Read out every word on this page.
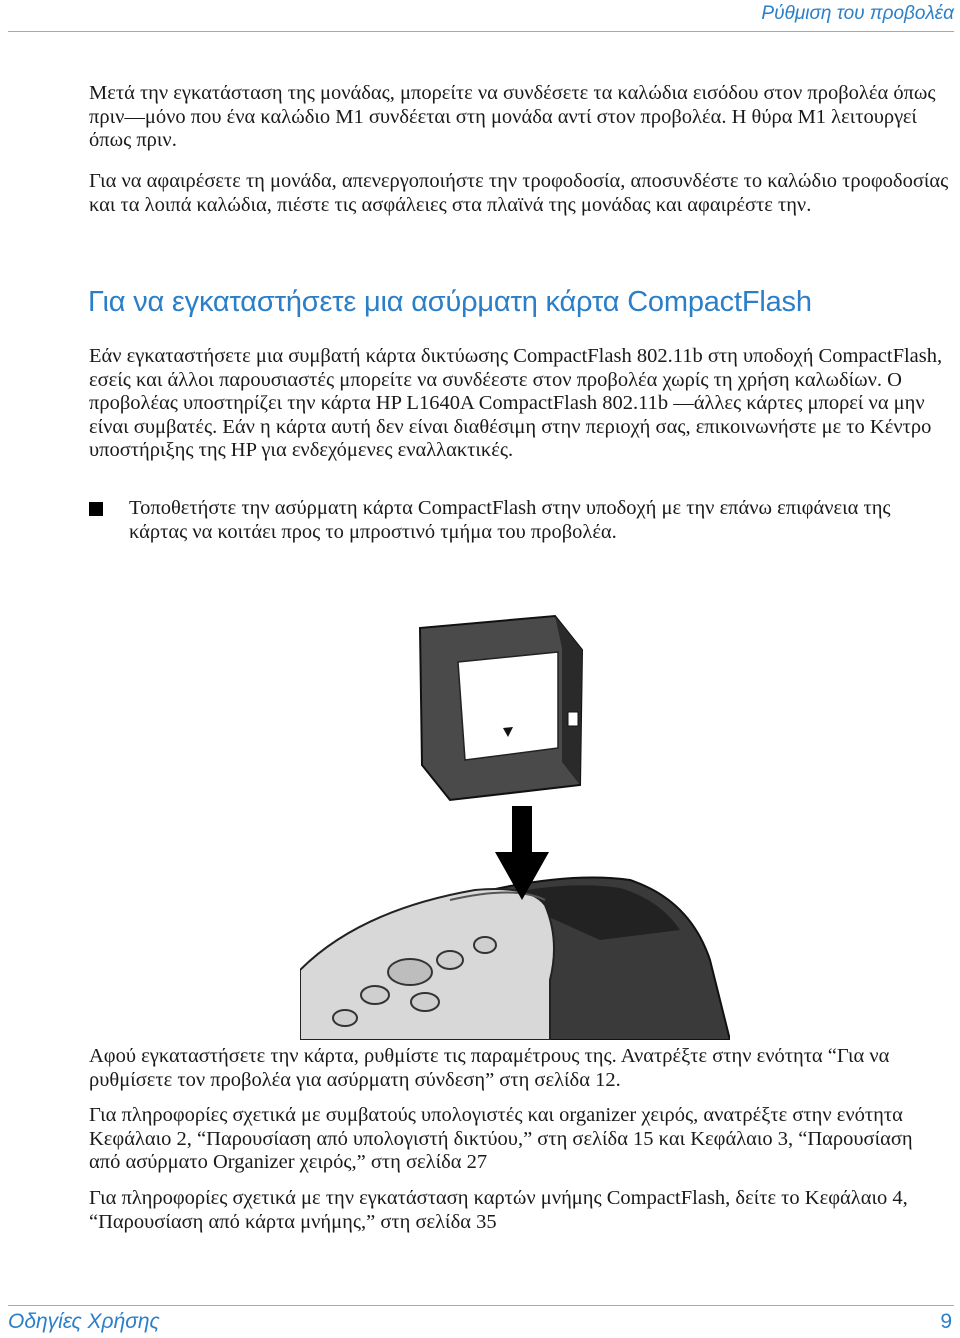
Ρύθμιση του προβολέα

Μετά την εγκατάσταση της μονάδας, μπορείτε να συνδέσετε τα καλώδια εισόδου στον προβολέα όπως πριν—μόνο που ένα καλώδιο M1 συνδέεται στη μονάδα αντί στον προβολέα. Η θύρα M1 λειτουργεί όπως πριν.

Για να αφαιρέσετε τη μονάδα, απενεργοποιήστε την τροφοδοσία, αποσυνδέστε το καλώδιο τροφοδοσίας και τα λοιπά καλώδια, πιέστε τις ασφάλειες στα πλαϊνά της μονάδας και αφαιρέστε την.

Για να εγκαταστήσετε μια ασύρματη κάρτα CompactFlash

Εάν εγκαταστήσετε μια συμβατή κάρτα δικτύωσης CompactFlash 802.11b στη υποδοχή CompactFlash, εσείς και άλλοι παρουσιαστές μπορείτε να συνδέεστε στον προβολέα χωρίς τη χρήση καλωδίων. Ο προβολέας υποστηρίζει την κάρτα HP L1640A CompactFlash 802.11b —άλλες κάρτες μπορεί να μην είναι συμβατές. Εάν η κάρτα αυτή δεν είναι διαθέσιμη στην περιοχή σας, επικοινωνήστε με το Κέντρο υποστήριξης της HP για ενδεχόμενες εναλλακτικές.

Τοποθετήστε την ασύρματη κάρτα CompactFlash στην υποδοχή με την επάνω επιφάνεια της κάρτας να κοιτάει προς το μπροστινό τμήμα του προβολέα.

Αφού εγκαταστήσετε την κάρτα, ρυθμίστε τις παραμέτρους της. Ανατρέξτε στην ενότητα “Για να ρυθμίσετε τον προβολέα για ασύρματη σύνδεση” στη σελίδα 12.

Για πληροφορίες σχετικά με συμβατούς υπολογιστές και organizer χειρός, ανατρέξτε στην ενότητα Κεφάλαιο 2, “Παρουσίαση από υπολογιστή δικτύου,” στη σελίδα 15 και Κεφάλαιο 3, “Παρουσίαση από ασύρματο Organizer χειρός,” στη σελίδα 27

Για πληροφορίες σχετικά με την εγκατάσταση καρτών μνήμης CompactFlash, δείτε το Κεφάλαιο 4, “Παρουσίαση από κάρτα μνήμης,” στη σελίδα 35

Οδηγίες Χρήσης	9
